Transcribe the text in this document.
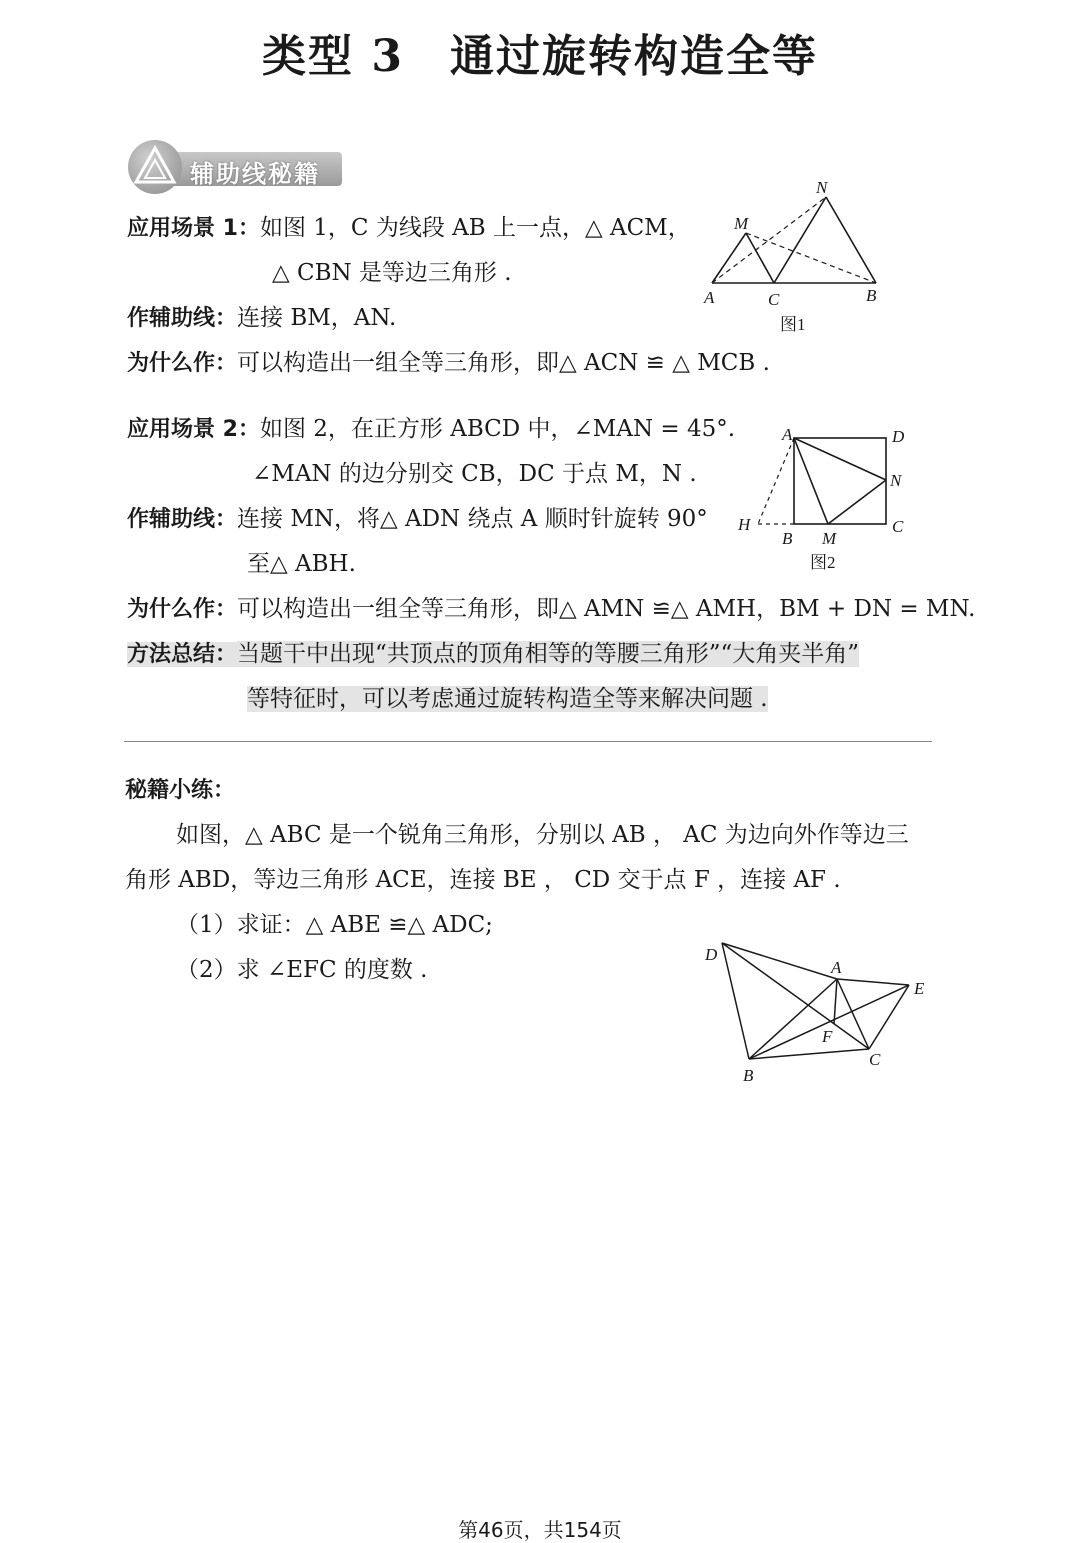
类型 3　通过旋转构造全等
辅助线秘籍
应用场景 1：如图 1，C 为线段 AB 上一点，△ ACM，
△ CBN 是等边三角形 .
作辅助线：连接 BM，AN.
为什么作：可以构造出一组全等三角形，即△ ACN ≌ △ MCB .
A	C	B
M
N
图1
应用场景 2：如图 2，在正方形 ABCD 中，∠MAN = 45°.
∠MAN 的边分别交 CB，DC 于点 M，N .
作辅助线：连接 MN，将△ ADN 绕点 A 顺时针旋转 90°
至△ ABH.
为什么作：可以构造出一组全等三角形，即△ AMN ≌△ AMH，BM + DN = MN.
A	D
N
C
H
B M
图2
方法总结：当题干中出现“共顶点的顶角相等的等腰三角形”“大角夹半角”
等特征时，可以考虑通过旋转构造全等来解决问题 .
秘籍小练：
如图，△ ABC 是一个锐角三角形，分别以 AB ， AC 为边向外作等边三
角形 ABD，等边三角形 ACE，连接 BE ， CD 交于点 F ，连接 AF .
（1）求证：△ ABE ≌△ ADC;
（2）求 ∠EFC 的度数 .
D
A
E
F
C
B
第46页，共154页
